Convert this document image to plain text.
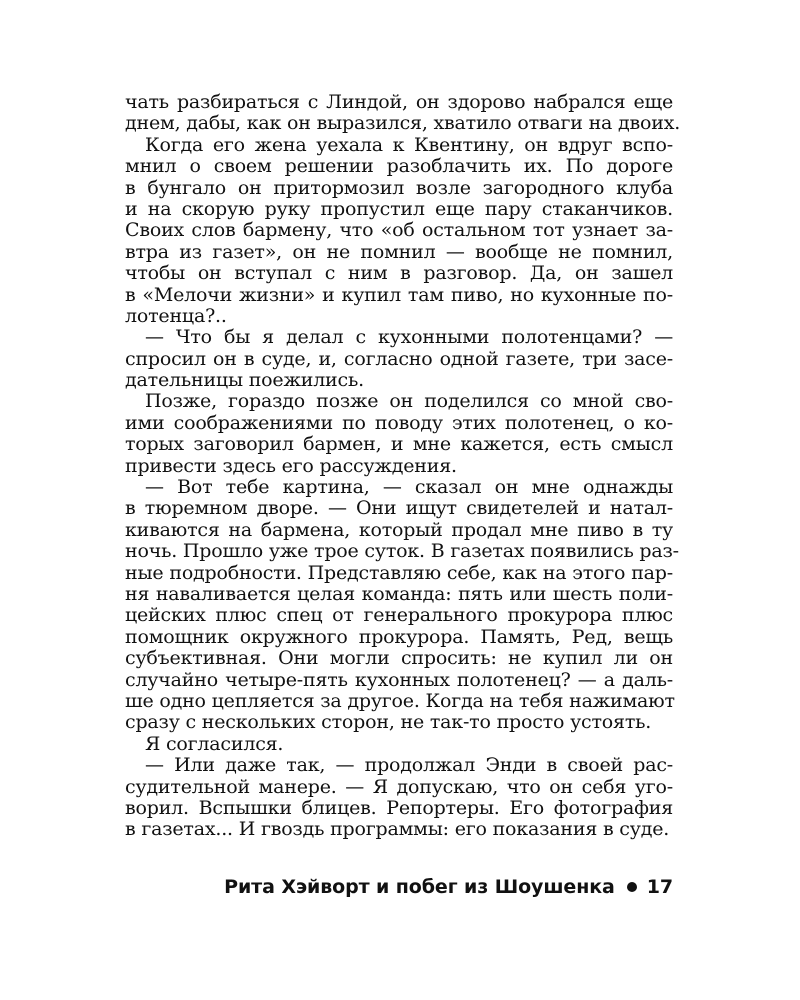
чать разбираться с Линдой, он здорово набрался еще
днем, дабы, как он выразился, хватило отваги на двоих.
Когда его жена уехала к Квентину, он вдруг вспо-
мнил о своем решении разоблачить их. По дороге
в бунгало он притормозил возле загородного клуба
и на скорую руку пропустил еще пару стаканчиков.
Своих слов бармену, что «об остальном тот узнает за-
втра из газет», он не помнил — вообще не помнил,
чтобы он вступал с ним в разговор. Да, он зашел
в «Мелочи жизни» и купил там пиво, но кухонные по-
лотенца?..
— Что бы я делал с кухонными полотенцами? —
спросил он в суде, и, согласно одной газете, три засе-
дательницы поежились.
Позже, гораздо позже он поделился со мной сво-
ими соображениями по поводу этих полотенец, о ко-
торых заговорил бармен, и мне кажется, есть смысл
привести здесь его рассуждения.
— Вот тебе картина, — сказал он мне однажды
в тюремном дворе. — Они ищут свидетелей и натал-
киваются на бармена, который продал мне пиво в ту
ночь. Прошло уже трое суток. В газетах появились раз-
ные подробности. Представляю себе, как на этого пар-
ня наваливается целая команда: пять или шесть поли-
цейских плюс спец от генерального прокурора плюс
помощник окружного прокурора. Память, Ред, вещь
субъективная. Они могли спросить: не купил ли он
случайно четыре-пять кухонных полотенец? — а даль-
ше одно цепляется за другое. Когда на тебя нажимают
сразу с нескольких сторон, не так-то просто устоять.
Я согласился.
— Или даже так, — продолжал Энди в своей рас-
судительной манере. — Я допускаю, что он себя уго-
ворил. Вспышки блицев. Репортеры. Его фотография
в газетах... И гвоздь программы: его показания в суде.
Рита Хэйворт и побег из Шоушенка 17
